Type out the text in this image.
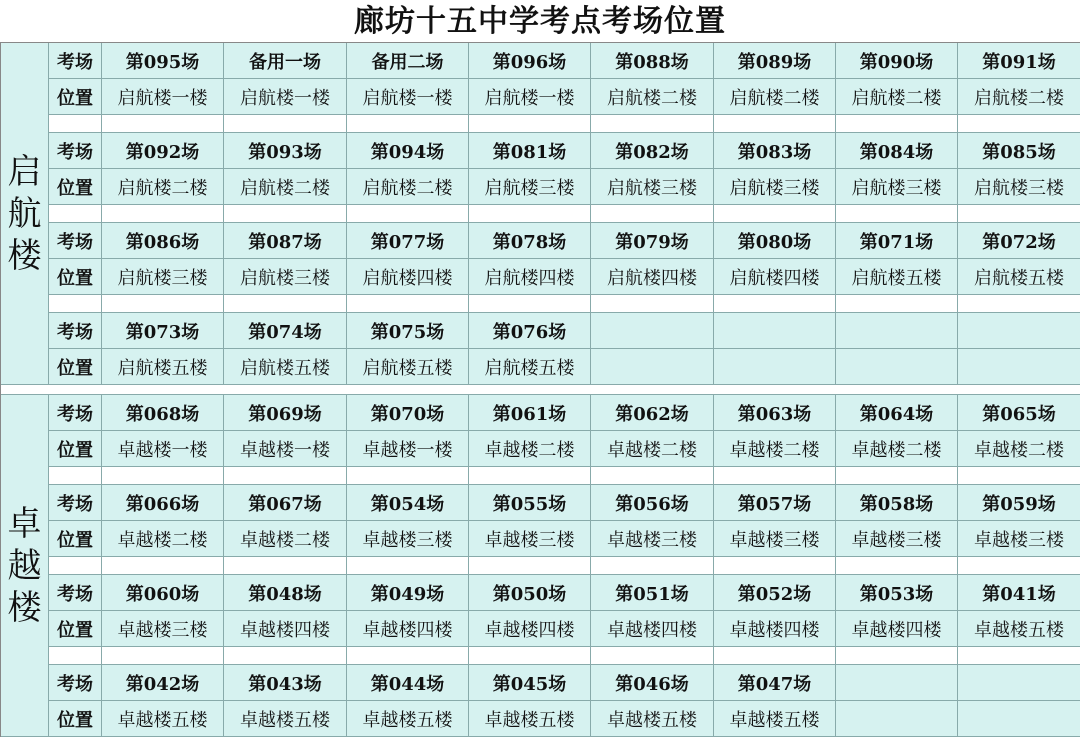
廊坊十五中学考点考场位置
考场	第095场	备用一场	备用二场	第096场	第088场	第089场	第090场	第091场
位置	启航楼一楼	启航楼一楼	启航楼一楼	启航楼一楼	启航楼二楼	启航楼二楼	启航楼二楼	启航楼二楼
考场	第092场	第093场	第094场	第081场	第082场	第083场	第084场	第085场
位置	启航楼二楼	启航楼二楼	启航楼二楼	启航楼三楼	启航楼三楼	启航楼三楼	启航楼三楼	启航楼三楼
考场	第086场	第087场	第077场	第078场	第079场	第080场	第071场	第072场
位置	启航楼三楼	启航楼三楼	启航楼四楼	启航楼四楼	启航楼四楼	启航楼四楼	启航楼五楼	启航楼五楼
考场	第073场	第074场	第075场	第076场
位置	启航楼五楼	启航楼五楼	启航楼五楼	启航楼五楼
启
航
楼
考场	第068场	第069场	第070场	第061场	第062场	第063场	第064场	第065场
位置	卓越楼一楼	卓越楼一楼	卓越楼一楼	卓越楼二楼	卓越楼二楼	卓越楼二楼	卓越楼二楼	卓越楼二楼
考场	第066场	第067场	第054场	第055场	第056场	第057场	第058场	第059场
位置	卓越楼二楼	卓越楼二楼	卓越楼三楼	卓越楼三楼	卓越楼三楼	卓越楼三楼	卓越楼三楼	卓越楼三楼
考场	第060场	第048场	第049场	第050场	第051场	第052场	第053场	第041场
位置	卓越楼三楼	卓越楼四楼	卓越楼四楼	卓越楼四楼	卓越楼四楼	卓越楼四楼	卓越楼四楼	卓越楼五楼
考场	第042场	第043场	第044场	第045场	第046场	第047场
位置	卓越楼五楼	卓越楼五楼	卓越楼五楼	卓越楼五楼	卓越楼五楼	卓越楼五楼
卓
越
楼
